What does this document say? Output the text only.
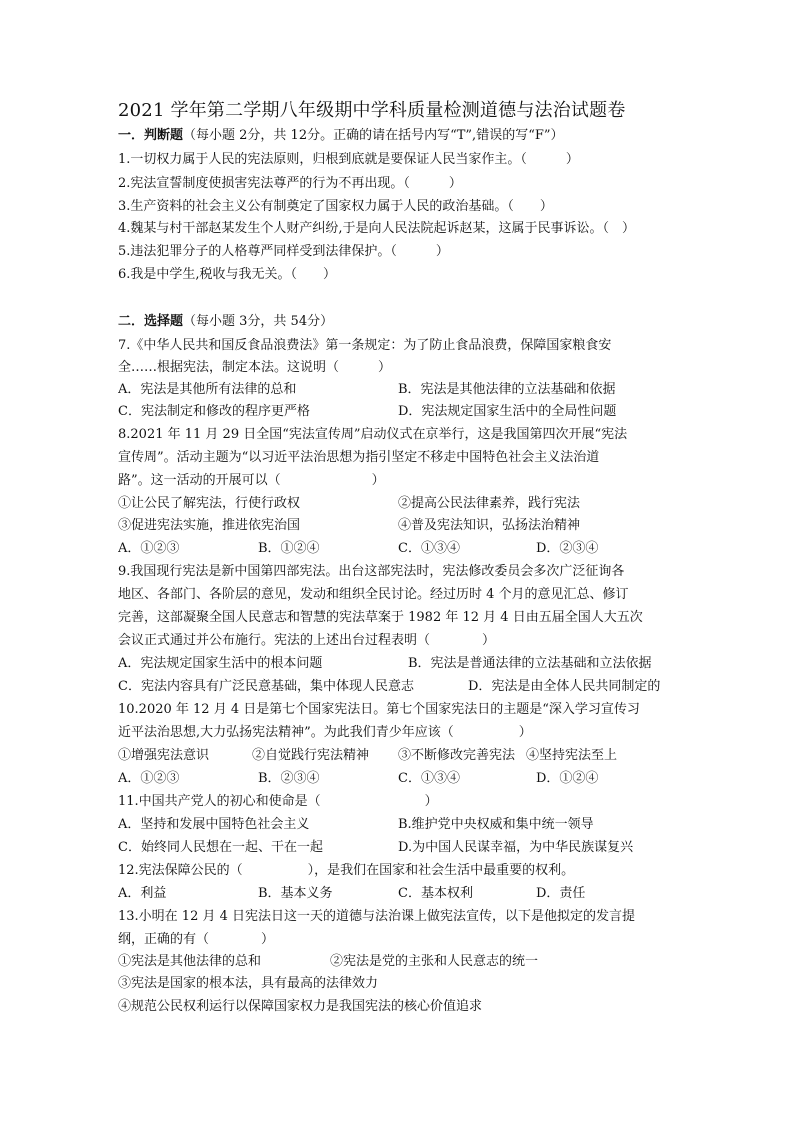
2021 学年第二学期八年级期中学科质量检测道德与法治试题卷
一．判断题（每小题 2分，共 12分。正确的请在括号内写“T”,错误的写“F”）
1.一切权力属于人民的宪法原则，归根到底就是要保证人民当家作主。（　　　）
2.宪法宣誓制度使损害宪法尊严的行为不再出现。（　　　）
3.生产资料的社会主义公有制奠定了国家权力属于人民的政治基础。（　　）
4.魏某与村干部赵某发生个人财产纠纷,于是向人民法院起诉赵某，这属于民事诉讼。（　）
5.违法犯罪分子的人格尊严同样受到法律保护。（　　　）
6.我是中学生,税收与我无关。（　　）
二．选择题（每小题 3分，共 54分）
7.《中华人民共和国反食品浪费法》第一条规定：为了防止食品浪费，保障国家粮食安
全……根据宪法，制定本法。这说明（　　　）
A．宪法是其他所有法律的总和	B．宪法是其他法律的立法基础和依据
C．宪法制定和修改的程序更严格	D．宪法规定国家生活中的全局性问题
8.2021 年 11 月 29 日全国“宪法宣传周”启动仪式在京举行，这是我国第四次开展“宪法
宣传周”。活动主题为“以习近平法治思想为指引坚定不移走中国特色社会主义法治道
路”。这一活动的开展可以（　　　　　　　）
①让公民了解宪法，行使行政权	②提高公民法律素养，践行宪法
③促进宪法实施，推进依宪治国	④普及宪法知识，弘扬法治精神
A．①②③	B．①②④	C．①③④	D．②③④
9.我国现行宪法是新中国第四部宪法。出台这部宪法时，宪法修改委员会多次广泛征询各
地区、各部门、各阶层的意见，发动和组织全民讨论。经过历时 4 个月的意见汇总、修订
完善，这部凝聚全国人民意志和智慧的宪法草案于 1982 年 12 月 4 日由五届全国人大五次
会议正式通过并公布施行。宪法的上述出台过程表明（　　　　）
A．宪法规定国家生活中的根本问题	B．宪法是普通法律的立法基础和立法依据
C．宪法内容具有广泛民意基础，集中体现人民意志	D．宪法是由全体人民共同制定的
10.2020 年 12 月 4 日是第七个国家宪法日。第七个国家宪法日的主题是“深入学习宣传习
近平法治思想,大力弘扬宪法精神”。为此我们青少年应该（　　　　　）
①增强宪法意识	②自觉践行宪法精神	③不断修改完善宪法 ④坚持宪法至上
A．①②③	B．②③④	C．①③④	D．①②④
11.中国共产党人的初心和使命是（　　　　　　　　）
A．坚持和发展中国特色社会主义	B.维护党中央权威和集中统一领导
C．始终同人民想在一起、干在一起	D.为中国人民谋幸福，为中华民族谋复兴
12.宪法保障公民的（　　　　　），是我们在国家和社会生活中最重要的权利。
A．利益	B．基本义务	C．基本权利	D．责任
13.小明在 12 月 4 日宪法日这一天的道德与法治课上做宪法宣传，以下是他拟定的发言提
纲，正确的有（　　　　）
①宪法是其他法律的总和	②宪法是党的主张和人民意志的统一
③宪法是国家的根本法，具有最高的法律效力
④规范公民权利运行以保障国家权力是我国宪法的核心价值追求
